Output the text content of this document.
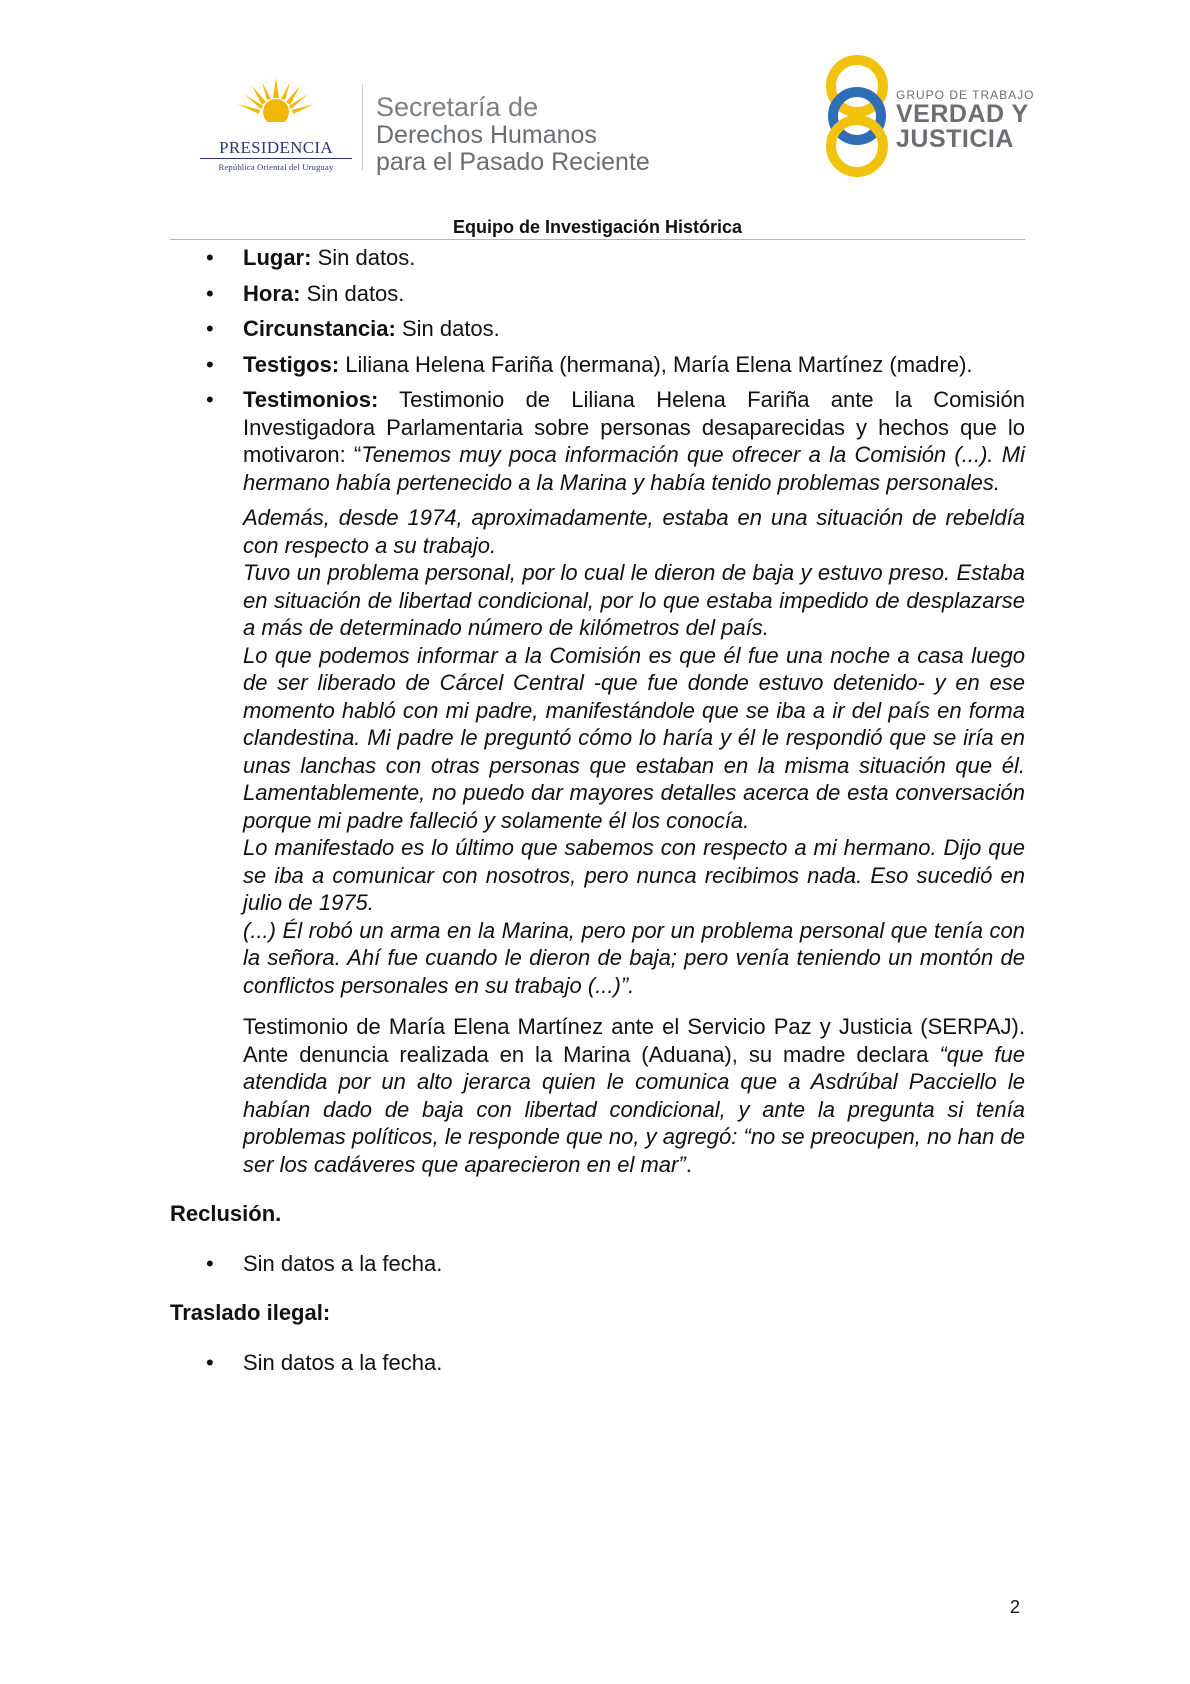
PRESIDENCIA
República Oriental del Uruguay
Secretaría de
Derechos Humanos
para el Pasado Reciente
GRUPO DE TRABAJO
VERDAD Y
JUSTICIA
Equipo de Investigación Histórica
• Lugar: Sin datos.
• Hora: Sin datos.
• Circunstancia: Sin datos.
• Testigos: Liliana Helena Fariña (hermana), María Elena Martínez (madre).
• Testimonios: Testimonio de Liliana Helena Fariña ante la Comisión Investigadora Parlamentaria sobre personas desaparecidas y hechos que lo motivaron: “Tenemos muy poca información que ofrecer a la Comisión (...). Mi hermano había pertenecido a la Marina y había tenido problemas personales.
Además, desde 1974, aproximadamente, estaba en una situación de rebeldía con respecto a su trabajo.
Tuvo un problema personal, por lo cual le dieron de baja y estuvo preso. Estaba en situación de libertad condicional, por lo que estaba impedido de desplazarse a más de determinado número de kilómetros del país.
Lo que podemos informar a la Comisión es que él fue una noche a casa luego de ser liberado de Cárcel Central -que fue donde estuvo detenido- y en ese momento habló con mi padre, manifestándole que se iba a ir del país en forma clandestina. Mi padre le preguntó cómo lo haría y él le respondió que se iría en unas lanchas con otras personas que estaban en la misma situación que él. Lamentablemente, no puedo dar mayores detalles acerca de esta conversación porque mi padre falleció y solamente él los conocía.
Lo manifestado es lo último que sabemos con respecto a mi hermano. Dijo que se iba a comunicar con nosotros, pero nunca recibimos nada. Eso sucedió en julio de 1975.
(...) Él robó un arma en la Marina, pero por un problema personal que tenía con la señora. Ahí fue cuando le dieron de baja; pero venía teniendo un montón de conflictos personales en su trabajo (...)”.
Testimonio de María Elena Martínez ante el Servicio Paz y Justicia (SERPAJ). Ante denuncia realizada en la Marina (Aduana), su madre declara “que fue atendida por un alto jerarca quien le comunica que a Asdrúbal Pacciello le habían dado de baja con libertad condicional, y ante la pregunta si tenía problemas políticos, le responde que no, y agregó: “no se preocupen, no han de ser los cadáveres que aparecieron en el mar”.
Reclusión.
• Sin datos a la fecha.
Traslado ilegal:
• Sin datos a la fecha.
2
